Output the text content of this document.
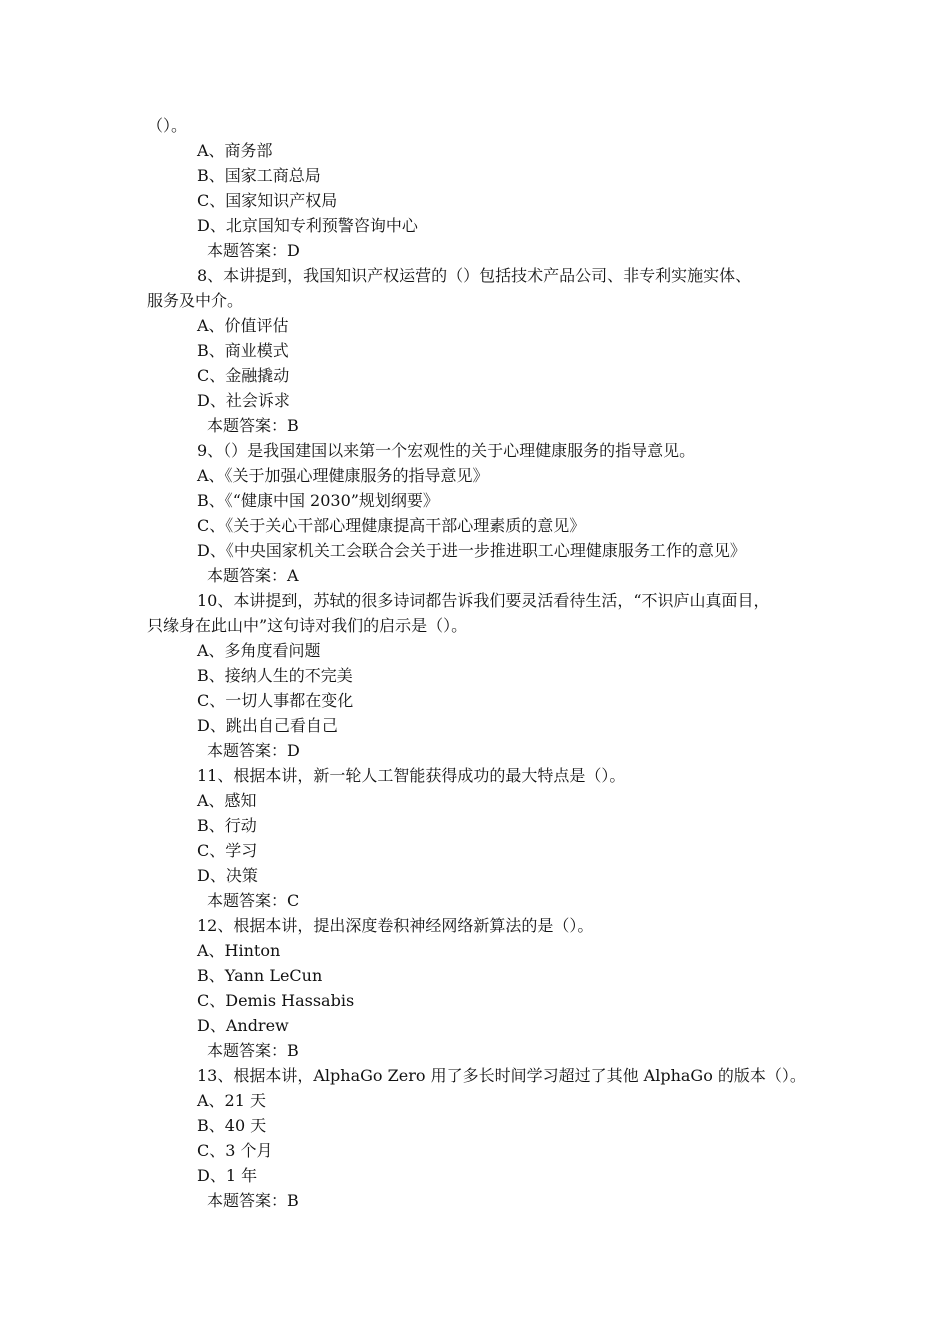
（）。
A、商务部
B、国家工商总局
C、国家知识产权局
D、北京国知专利预警咨询中心
本题答案：D
8、本讲提到，我国知识产权运营的（）包括技术产品公司、非专利实施实体、
服务及中介。
A、价值评估
B、商业模式
C、金融撬动
D、社会诉求
本题答案：B
9、（）是我国建国以来第一个宏观性的关于心理健康服务的指导意见。
A、《关于加强心理健康服务的指导意见》
B、《“健康中国 2030”规划纲要》
C、《关于关心干部心理健康提高干部心理素质的意见》
D、《中央国家机关工会联合会关于进一步推进职工心理健康服务工作的意见》
本题答案：A
10、本讲提到，苏轼的很多诗词都告诉我们要灵活看待生活，“不识庐山真面目，
只缘身在此山中”这句诗对我们的启示是（）。
A、多角度看问题
B、接纳人生的不完美
C、一切人事都在变化
D、跳出自己看自己
本题答案：D
11、根据本讲，新一轮人工智能获得成功的最大特点是（）。
A、感知
B、行动
C、学习
D、决策
本题答案：C
12、根据本讲，提出深度卷积神经网络新算法的是（）。
A、Hinton
B、Yann LeCun
C、Demis Hassabis
D、Andrew
本题答案：B
13、根据本讲，AlphaGo Zero 用了多长时间学习超过了其他 AlphaGo 的版本（）。
A、21 天
B、40 天
C、3 个月
D、1 年
本题答案：B
